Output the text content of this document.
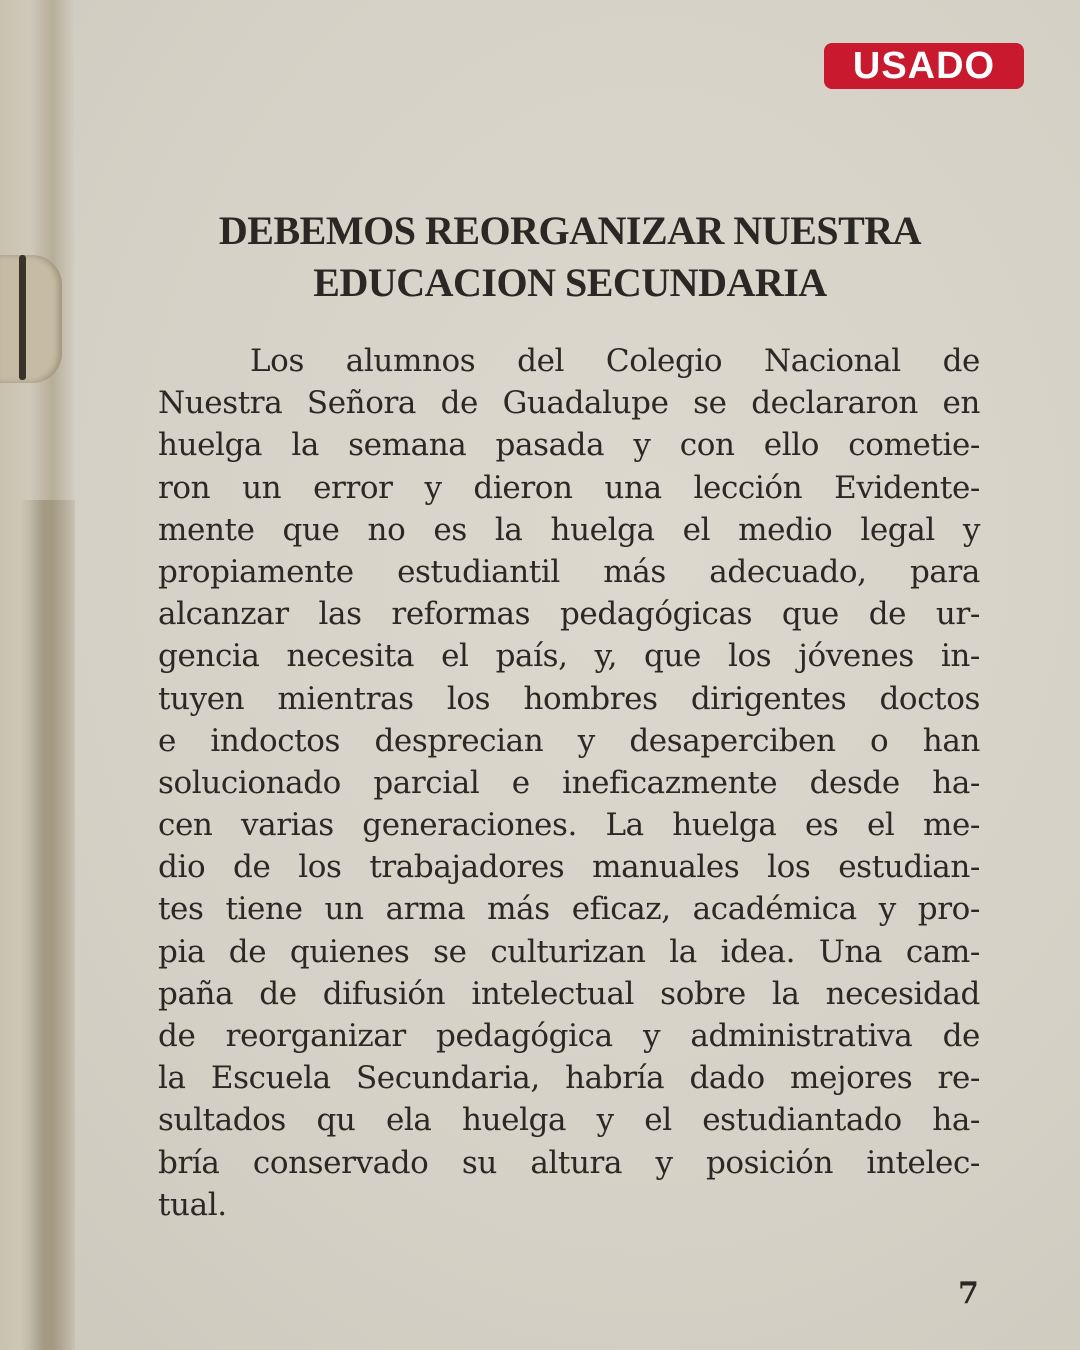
USADO
DEBEMOS REORGANIZAR NUESTRA
EDUCACION SECUNDARIA
Los alumnos del Colegio Nacional de
Nuestra Señora de Guadalupe se declararon en
huelga la semana pasada y con ello cometie-
ron un error y dieron una lección Evidente-
mente que no es la huelga el medio legal y
propiamente estudiantil más adecuado, para
alcanzar las reformas pedagógicas que de ur-
gencia necesita el país, y, que los jóvenes in-
tuyen mientras los hombres dirigentes doctos
e indoctos desprecian y desaperciben o han
solucionado parcial e ineficazmente desde ha-
cen varias generaciones. La huelga es el me-
dio de los trabajadores manuales los estudian-
tes tiene un arma más eficaz, académica y pro-
pia de quienes se culturizan la idea. Una cam-
paña de difusión intelectual sobre la necesidad
de reorganizar pedagógica y administrativa de
la Escuela Secundaria, habría dado mejores re-
sultados qu ela huelga y el estudiantado ha-
bría conservado su altura y posición intelec-
tual.
7
